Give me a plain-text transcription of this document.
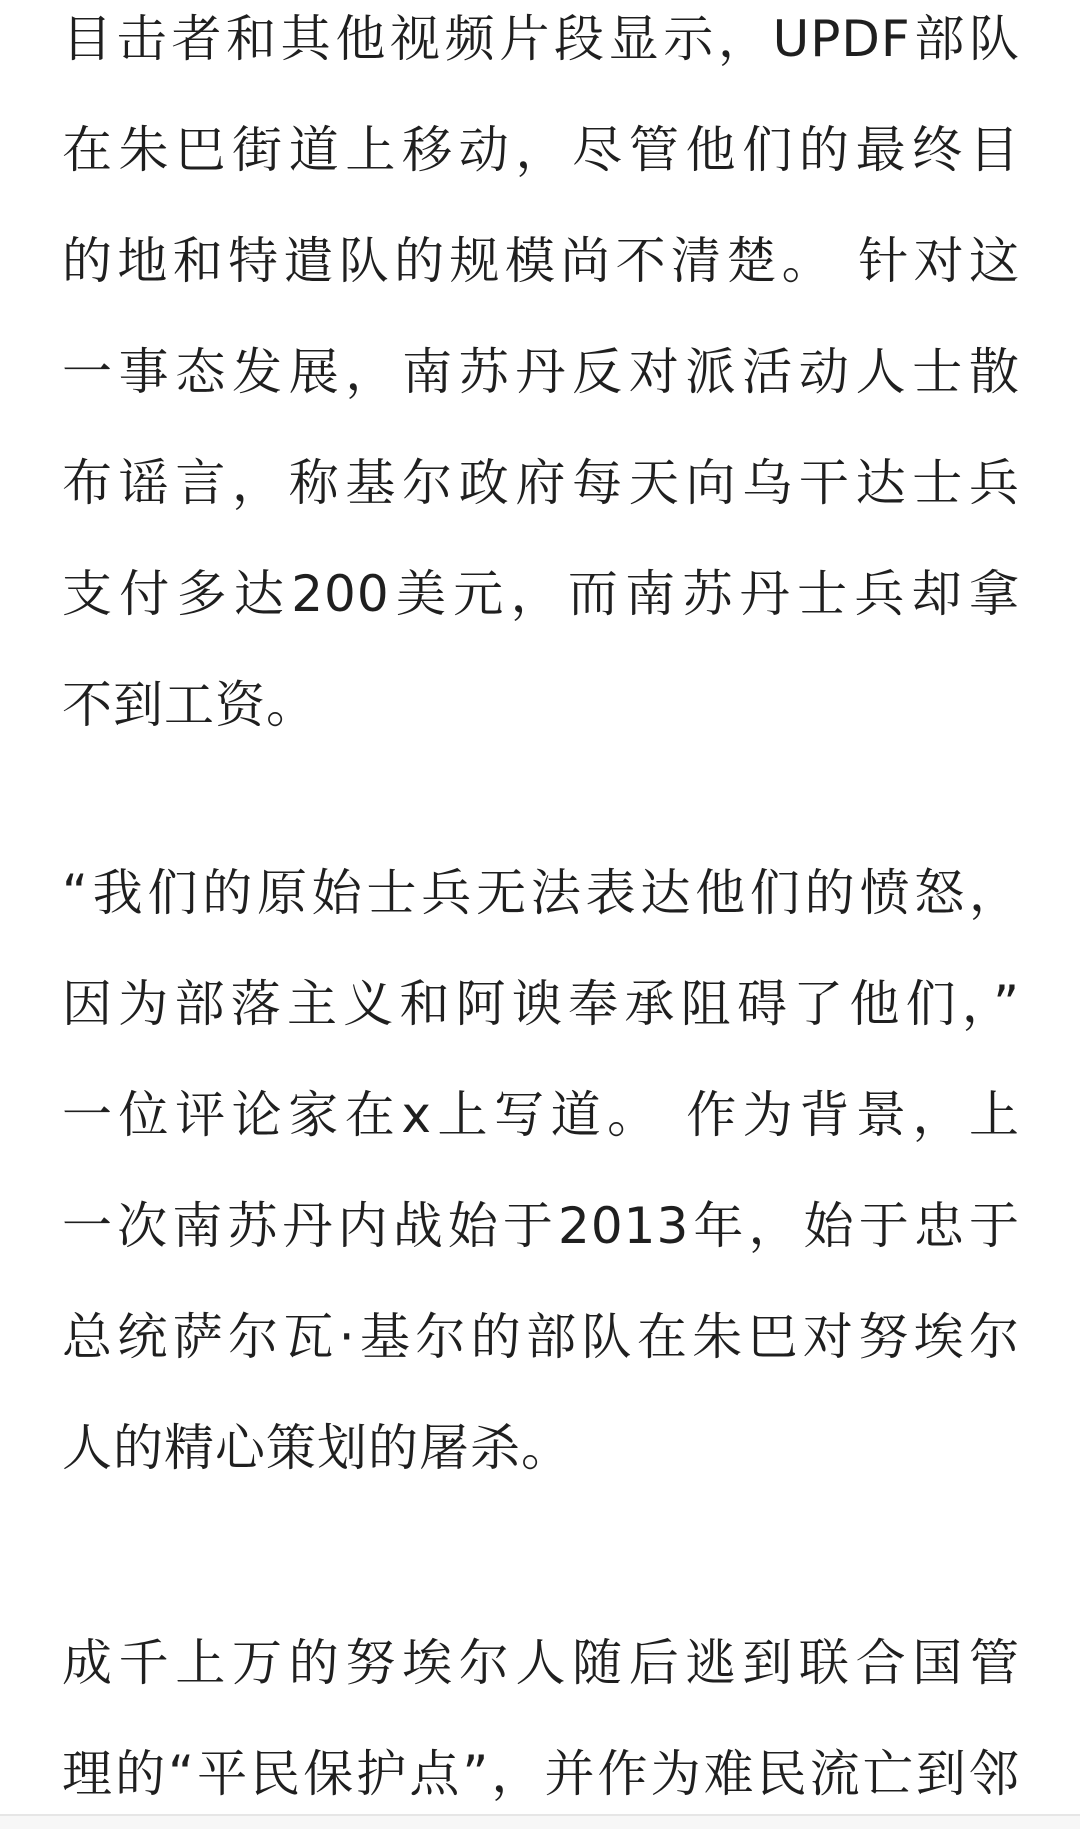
目击者和其他视频片段显示，UPDF部队
在朱巴街道上移动，尽管他们的最终目
的地和特遣队的规模尚不清楚。 针对这
一事态发展，南苏丹反对派活动人士散
布谣言，称基尔政府每天向乌干达士兵
支付多达200美元，而南苏丹士兵却拿
不到工资。
“我们的原始士兵无法表达他们的愤怒，
因为部落主义和阿谀奉承阻碍了他们，”
一位评论家在x上写道。 作为背景，上
一次南苏丹内战始于2013年，始于忠于
总统萨尔瓦·基尔的部队在朱巴对努埃尔
人的精心策划的屠杀。
成千上万的努埃尔人随后逃到联合国管
理的“平民保护点”，并作为难民流亡到邻
